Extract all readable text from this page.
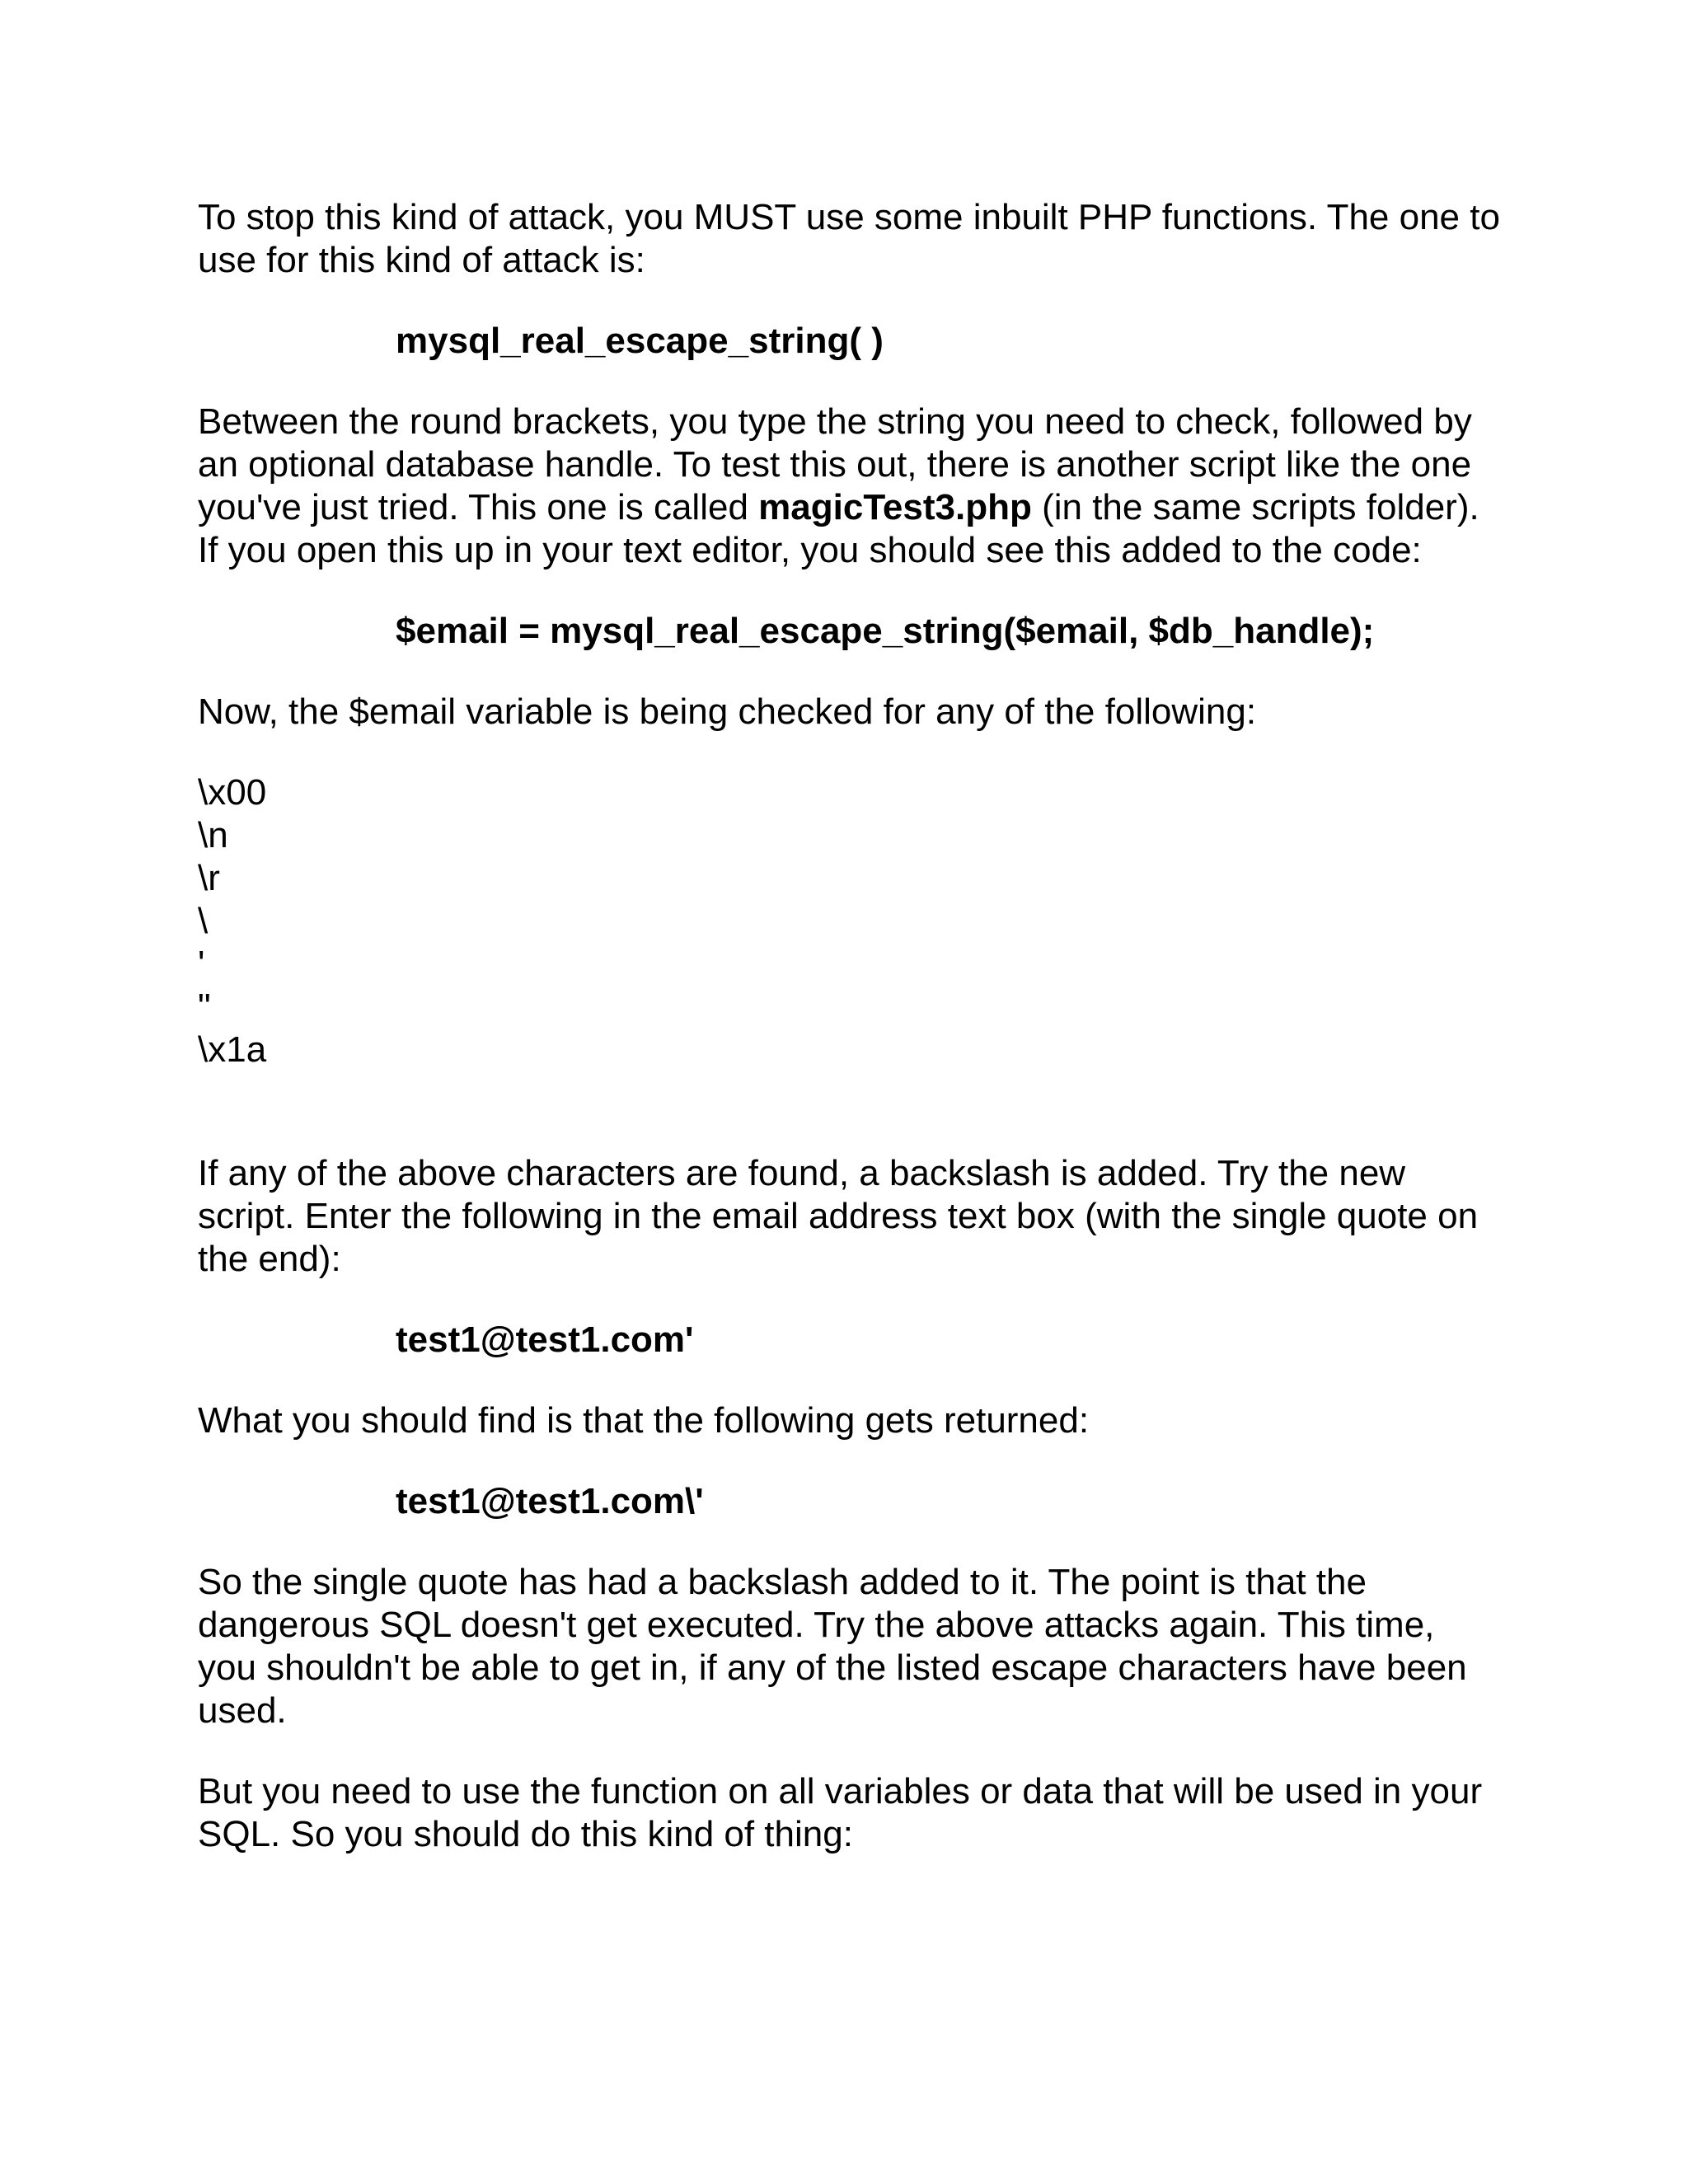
To stop this kind of attack, you MUST use some inbuilt PHP functions. The one to use for this kind of attack is:

mysql_real_escape_string( )

Between the round brackets, you type the string you need to check, followed by an optional database handle. To test this out, there is another script like the one you've just tried. This one is called magicTest3.php (in the same scripts folder). If you open this up in your text editor, you should see this added to the code:

$email = mysql_real_escape_string($email, $db_handle);

Now, the $email variable is being checked for any of the following:

\x00
\n
\r
\
'
"
\x1a

If any of the above characters are found, a backslash is added. Try the new script. Enter the following in the email address text box (with the single quote on the end):

test1@test1.com'

What you should find is that the following gets returned:

test1@test1.com\'

So the single quote has had a backslash added to it. The point is that the dangerous SQL doesn't get executed. Try the above attacks again. This time, you shouldn't be able to get in, if any of the listed escape characters have been used.

But you need to use the function on all variables or data that will be used in your SQL. So you should do this kind of thing:
